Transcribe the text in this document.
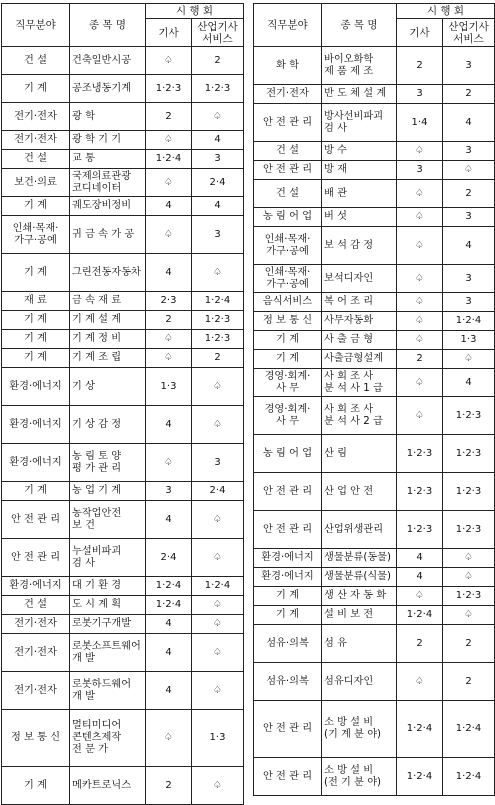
직무분야	종 목 명	시 행 회	
		기사	산업기사 서비스

건 설	건축일반시공	♤	2

기 계	공조냉동기계	1·2·3	1·2·3

전기·전자	광 학	2	♤

전기·전자	광 학 기 기	♤	4

건 설	교 통	1·2·4	3

보건·의료	국제의료관광
코디네이터	♤	2·4

기 계	궤도장비정비	4	4

인쇄·목재·
가구·공예	귀 금 속 가 공	♤	3

기 계	그린전동자동차	4	♤

재 료	금 속 재 료	2·3	1·2·4

기 계	기 계 설 계	2	1·2·3

기 계	기 계 정 비	♤	1·2·3

기 계	기 계 조 립	♤	2

환경·에너지	기 상	1·3	♤

환경·에너지	기 상 감 정	4	♤

환경·에너지	농 림 토 양
평 가 관 리	♤	3

기 계	농 업 기 계	3	2·4

안 전 관 리	농작업안전
보 건	4	♤

안 전 관 리	누설비파괴
검 사	2·4	♤

환경·에너지	대 기 환 경	1·2·4	1·2·4

건 설	도 시 계 획	1·2·4	♤

전기·전자	로봇기구개발	4	♤

전기·전자	로봇소프트웨어
개 발	4	♤

전기·전자	로봇하드웨어
개 발	4	♤

정 보 통 신	멀티미디어
콘텐츠제작
전 문 가	♤	1·3

기 계	메카트로닉스	2	♤
직무분야	종 목 명	시 행 회	
		기사	산업기사 서비스

화 학	바이오화학
제 품 제 조	2	3

전기·전자	반 도 체 설 계	3	2

안 전 관 리	방사선비파괴
검 사	1·4	4

건 설	방 수	♤	3

안 전 관 리	방 재	3	♤

건 설	배 관	♤	2

농 림 어 업	버 섯	♤	3

인쇄·목재·
가구·공예	보 석 감 정	♤	4

인쇄·목재·
가구·공예	보석디자인	♤	3

음식서비스	복 어 조 리	♤	3

정 보 통 신	사무자동화	♤	1·2·4

기 계	사 출 금 형	♤	1·3

기 계	사출금형설계	2	♤

경영·회계·
사 무	사 회 조 사
분 석 사 1 급	♤	4

경영·회계·
사 무	사 회 조 사
분 석 사 2 급	♤	1·2·3

농 림 어 업	산 림	1·2·3	1·2·3

안 전 관 리	산 업 안 전	1·2·3	1·2·3

안 전 관 리	산업위생관리	1·2·3	1·2·3

환경·에너지	생물분류(동물)	4	♤

환경·에너지	생물분류(식물)	4	♤

기 계	생 산 자 동 화	♤	1·2·3

기 계	설 비 보 전	1·2·4	♤

섬유·의복	섬 유	2	2

섬유·의복	섬유디자인	♤	2

안 전 관 리	소 방 설 비
(기 계 분 야)	1·2·4	1·2·4

안 전 관 리	소 방 설 비
(전 기 분 야)	1·2·4	1·2·4
